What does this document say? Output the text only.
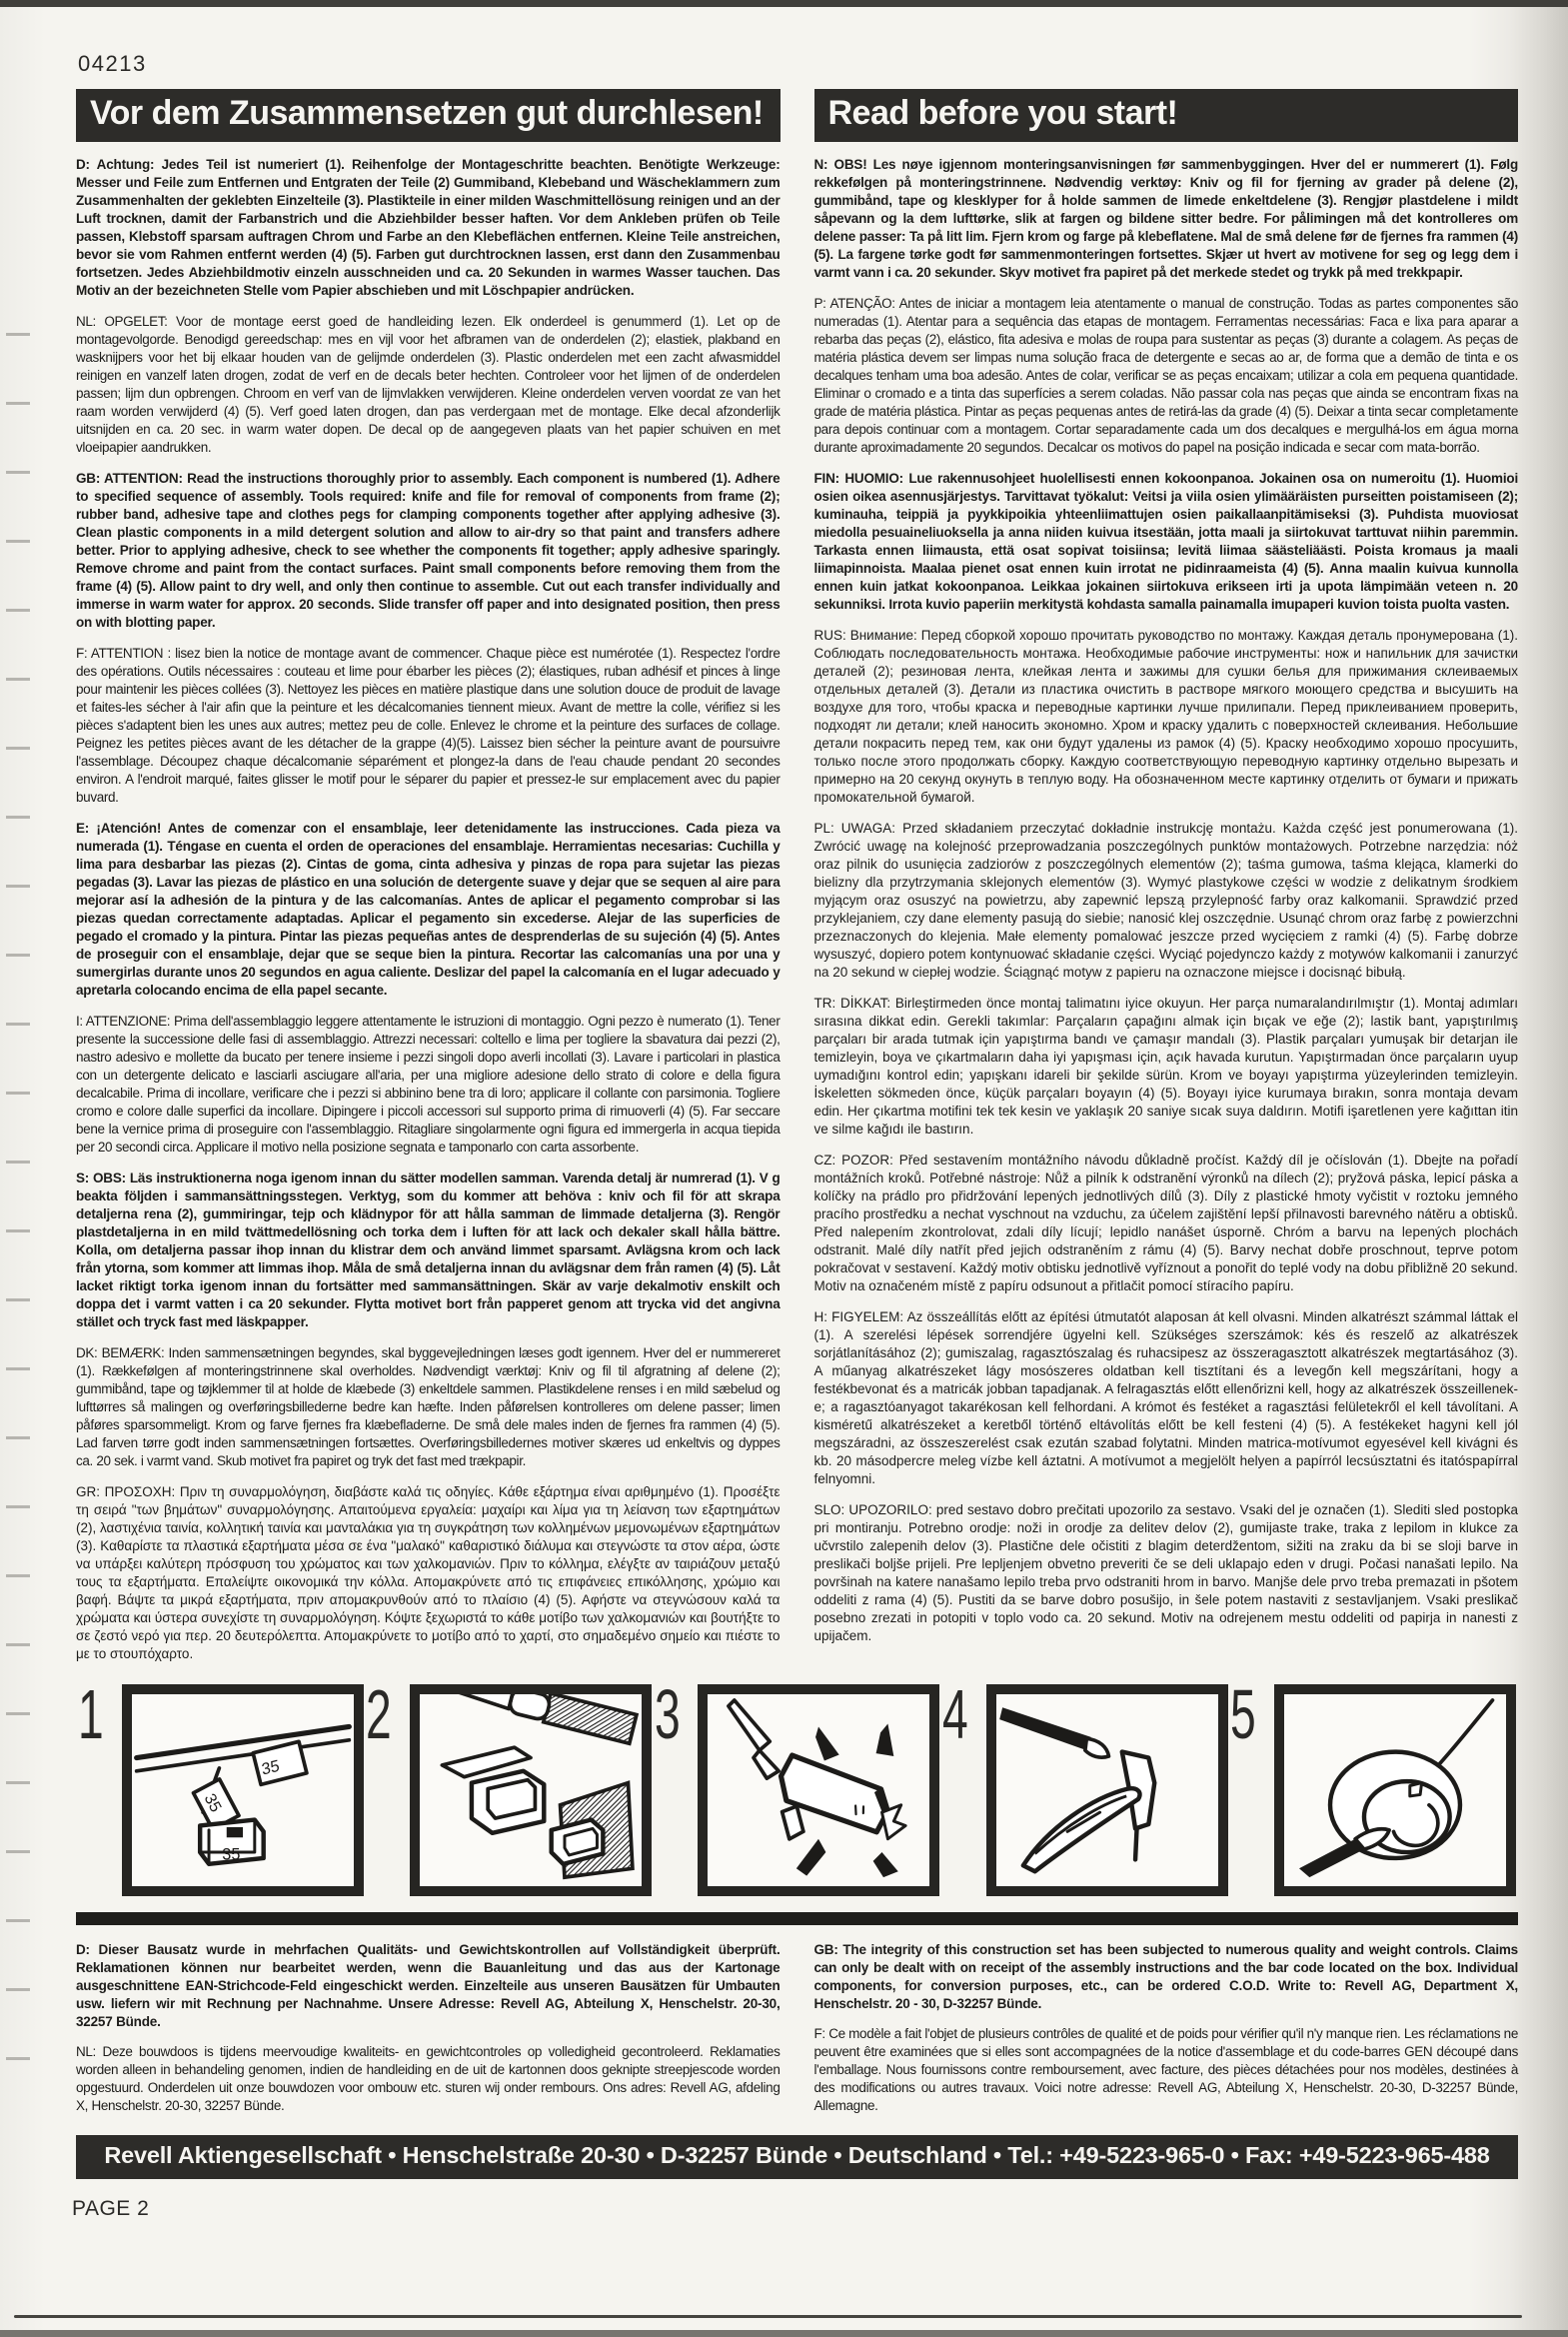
04213
Vor dem Zusammensetzen gut durchlesen!

D: Achtung: Jedes Teil ist numeriert (1). Reihenfolge der Montageschritte beachten. Benötigte Werkzeuge: Messer und Feile zum Entfernen und Entgraten der Teile (2) Gummiband, Klebeband und Wäscheklammern zum Zusammenhalten der geklebten Einzelteile (3). Plastikteile in einer milden Waschmittellösung reinigen und an der Luft trocknen, damit der Farbanstrich und die Abziehbilder besser haften. Vor dem Ankleben prüfen ob Teile passen, Klebstoff sparsam auftragen Chrom und Farbe an den Klebeflächen entfernen. Kleine Teile anstreichen, bevor sie vom Rahmen entfernt werden (4) (5). Farben gut durchtrocknen lassen, erst dann den Zusammenbau fortsetzen. Jedes Abziehbildmotiv einzeln ausschneiden und ca. 20 Sekunden in warmes Wasser tauchen. Das Motiv an der bezeichneten Stelle vom Papier abschieben und mit Löschpapier andrücken.

NL: OPGELET: Voor de montage eerst goed de handleiding lezen. Elk onderdeel is genummerd (1). Let op de montagevolgorde. Benodigd gereedschap: mes en vijl voor het afbramen van de onderdelen (2); elastiek, plakband en wasknijpers voor het bij elkaar houden van de gelijmde onderdelen (3). Plastic onderdelen met een zacht afwasmiddel reinigen en vanzelf laten drogen, zodat de verf en de decals beter hechten. Controleer voor het lijmen of de onderdelen passen; lijm dun opbrengen. Chroom en verf van de lijmvlakken verwijderen. Kleine onderdelen verven voordat ze van het raam worden verwijderd (4) (5). Verf goed laten drogen, dan pas verdergaan met de montage. Elke decal afzonderlijk uitsnijden en ca. 20 sec. in warm water dopen. De decal op de aangegeven plaats van het papier schuiven en met vloeipapier aandrukken.

GB: ATTENTION: Read the instructions thoroughly prior to assembly. Each component is numbered (1). Adhere to specified sequence of assembly. Tools required: knife and file for removal of components from frame (2); rubber band, adhesive tape and clothes pegs for clamping components together after applying adhesive (3). Clean plastic components in a mild detergent solution and allow to air-dry so that paint and transfers adhere better. Prior to applying adhesive, check to see whether the components fit together; apply adhesive sparingly. Remove chrome and paint from the contact surfaces. Paint small components before removing them from the frame (4) (5). Allow paint to dry well, and only then continue to assemble. Cut out each transfer individually and immerse in warm water for approx. 20 seconds. Slide transfer off paper and into designated position, then press on with blotting paper.

F: ATTENTION : lisez bien la notice de montage avant de commencer. Chaque pièce est numérotée (1). Respectez l'ordre des opérations. Outils nécessaires : couteau et lime pour ébarber les pièces (2); élastiques, ruban adhésif et pinces à linge pour maintenir les pièces collées (3). Nettoyez les pièces en matière plastique dans une solution douce de produit de lavage et faites-les sécher à l'air afin que la peinture et les décalcomanies tiennent mieux. Avant de mettre la colle, vérifiez si les pièces s'adaptent bien les unes aux autres; mettez peu de colle. Enlevez le chrome et la peinture des surfaces de collage. Peignez les petites pièces avant de les détacher de la grappe (4)(5). Laissez bien sécher la peinture avant de poursuivre l'assemblage. Découpez chaque décalcomanie séparément et plongez-la dans de l'eau chaude pendant 20 secondes environ. A l'endroit marqué, faites glisser le motif pour le séparer du papier et pressez-le sur emplacement avec du papier buvard.

E: ¡Atención! Antes de comenzar con el ensamblaje, leer detenidamente las instrucciones. Cada pieza va numerada (1). Téngase en cuenta el orden de operaciones del ensamblaje. Herramientas necesarias: Cuchilla y lima para desbarbar las piezas (2). Cintas de goma, cinta adhesiva y pinzas de ropa para sujetar las piezas pegadas (3). Lavar las piezas de plástico en una solución de detergente suave y dejar que se sequen al aire para mejorar así la adhesión de la pintura y de las calcomanías. Antes de aplicar el pegamento comprobar si las piezas quedan correctamente adaptadas. Aplicar el pegamento sin excederse. Alejar de las superficies de pegado el cromado y la pintura. Pintar las piezas pequeñas antes de desprenderlas de su sujeción (4) (5). Antes de proseguir con el ensamblaje, dejar que se seque bien la pintura. Recortar las calcomanías una por una y sumergirlas durante unos 20 segundos en agua caliente. Deslizar del papel la calcomanía en el lugar adecuado y apretarla colocando encima de ella papel secante.

I: ATTENZIONE: Prima dell'assemblaggio leggere attentamente le istruzioni di montaggio. Ogni pezzo è numerato (1). Tener presente la successione delle fasi di assemblaggio. Attrezzi necessari: coltello e lima per togliere la sbavatura dai pezzi (2), nastro adesivo e mollette da bucato per tenere insieme i pezzi singoli dopo averli incollati (3). Lavare i particolari in plastica con un detergente delicato e lasciarli asciugare all'aria, per una migliore adesione dello strato di colore e della figura decalcabile. Prima di incollare, verificare che i pezzi si abbinino bene tra di loro; applicare il collante con parsimonia. Togliere cromo e colore dalle superfici da incollare. Dipingere i piccoli accessori sul supporto prima di rimuoverli (4) (5). Far seccare bene la vernice prima di proseguire con l'assemblaggio. Ritagliare singolarmente ogni figura ed immergerla in acqua tiepida per 20 secondi circa. Applicare il motivo nella posizione segnata e tamponarlo con carta assorbente.

S: OBS: Läs instruktionerna noga igenom innan du sätter modellen samman. Varenda detalj är numrerad (1). V g beakta följden i sammansättningsstegen. Verktyg, som du kommer att behöva : kniv och fil för att skrapa detaljerna rena (2), gummiringar, tejp och klädnypor för att hålla samman de limmade detaljerna (3). Rengör plastdetaljerna in en mild tvättmedellösning och torka dem i luften för att lack och dekaler skall hålla bättre. Kolla, om detaljerna passar ihop innan du klistrar dem och använd limmet sparsamt. Avlägsna krom och lack från ytorna, som kommer att limmas ihop. Måla de små detaljerna innan du avlägsnar dem från ramen (4) (5). Låt lacket riktigt torka igenom innan du fortsätter med sammansättningen. Skär av varje dekalmotiv enskilt och doppa det i varmt vatten i ca 20 sekunder. Flytta motivet bort från papperet genom att trycka vid det angivna stället och tryck fast med läskpapper.

DK: BEMÆRK: Inden sammensætningen begyndes, skal byggevejledningen læses godt igennem. Hver del er nummereret (1). Rækkefølgen af monteringstrinnene skal overholdes. Nødvendigt værktøj: Kniv og fil til afgratning af delene (2); gummibånd, tape og tøjklemmer til at holde de klæbede (3) enkeltdele sammen. Plastikdelene renses i en mild sæbelud og lufttørres så malingen og overføringsbillederne bedre kan hæfte. Inden påførelsen kontrolleres om delene passer; limen påføres sparsommeligt. Krom og farve fjernes fra klæbefladerne. De små dele males inden de fjernes fra rammen (4) (5). Lad farven tørre godt inden sammensætningen fortsættes. Overføringsbilledernes motiver skæres ud enkeltvis og dyppes ca. 20 sek. i varmt vand. Skub motivet fra papiret og tryk det fast med trækpapir.

GR: ΠΡΟΣΟΧΗ: Πριν τη συναρμολόγηση, διαβάστε καλά τις οδηγίες. Κάθε εξάρτημα είναι αριθμημένο (1). Προσέξτε τη σειρά "των βημάτων" συναρμολόγησης. Απαιτούμενα εργαλεία: μαχαίρι και λίμα για τη λείανση των εξαρτημάτων (2), λαστιχένια ταινία, κολλητική ταινία και μανταλάκια για τη συγκράτηση των κολλημένων μεμονωμένων εξαρτημάτων (3). Καθαρίστε τα πλαστικά εξαρτήματα μέσα σε ένα "μαλακό" καθαριστικό διάλυμα και στεγνώστε τα στον αέρα, ώστε να υπάρξει καλύτερη πρόσφυση του χρώματος και των χαλκομανιών. Πριν το κόλλημα, ελέγξτε αν ταιριάζουν μεταξύ τους τα εξαρτήματα. Επαλείψτε οικονομικά την κόλλα. Απομακρύνετε από τις επιφάνειες επικόλλησης, χρώμιο και βαφή. Βάψτε τα μικρά εξαρτήματα, πριν απομακρυνθούν από το πλαίσιο (4) (5). Αφήστε να στεγνώσουν καλά τα χρώματα και ύστερα συνεχίστε τη συναρμολόγηση. Κόψτε ξεχωριστά το κάθε μοτίβο των χαλκομανιών και βουτήξτε το σε ζεστό νερό για περ. 20 δευτερόλεπτα. Απομακρύνετε το μοτίβο από το χαρτί, στο σημαδεμένο σημείο και πιέστε το με το στουπόχαρτο.

Read before you start!

N: OBS! Les nøye igjennom monteringsanvisningen før sammenbyggingen. Hver del er nummerert (1). Følg rekkefølgen på monteringstrinnene. Nødvendig verktøy: Kniv og fil for fjerning av grader på delene (2), gummibånd, tape og klesklyper for å holde sammen de limede enkeltdelene (3). Rengjør plastdelene i mildt såpevann og la dem lufttørke, slik at fargen og bildene sitter bedre. For pålimingen må det kontrolleres om delene passer: Ta på litt lim. Fjern krom og farge på klebeflatene. Mal de små delene før de fjernes fra rammen (4) (5). La fargene tørke godt før sammenmonteringen fortsettes. Skjær ut hvert av motivene for seg og legg dem i varmt vann i ca. 20 sekunder. Skyv motivet fra papiret på det merkede stedet og trykk på med trekkpapir.

P: ATENÇÃO: Antes de iniciar a montagem leia atentamente o manual de construção. Todas as partes componentes são numeradas (1). Atentar para a sequência das etapas de montagem. Ferramentas necessárias: Faca e lixa para aparar a rebarba das peças (2), elástico, fita adesiva e molas de roupa para sustentar as peças (3) durante a colagem. As peças de matéria plástica devem ser limpas numa solução fraca de detergente e secas ao ar, de forma que a demão de tinta e os decalques tenham uma boa adesão. Antes de colar, verificar se as peças encaixam; utilizar a cola em pequena quantidade. Eliminar o cromado e a tinta das superfícies a serem coladas. Não passar cola nas peças que ainda se encontram fixas na grade de matéria plástica. Pintar as peças pequenas antes de retirá-las da grade (4) (5). Deixar a tinta secar completamente para depois continuar com a montagem. Cortar separadamente cada um dos decalques e mergulhá-los em água morna durante aproximadamente 20 segundos. Decalcar os motivos do papel na posição indicada e secar com mata-borrão.

FIN: HUOMIO: Lue rakennusohjeet huolellisesti ennen kokoonpanoa. Jokainen osa on numeroitu (1). Huomioi osien oikea asennusjärjestys. Tarvittavat työkalut: Veitsi ja viila osien ylimääräisten purseitten poistamiseen (2); kuminauha, teippiä ja pyykkipoikia yhteenliimattujen osien paikallaanpitämiseksi (3). Puhdista muoviosat miedolla pesuaineliuoksella ja anna niiden kuivua itsestään, jotta maali ja siirtokuvat tarttuvat niihin paremmin. Tarkasta ennen liimausta, että osat sopivat toisiinsa; levitä liimaa säästeliäästi. Poista kromaus ja maali liimapinnoista. Maalaa pienet osat ennen kuin irrotat ne pidinraameista (4) (5). Anna maalin kuivua kunnolla ennen kuin jatkat kokoonpanoa. Leikkaa jokainen siirtokuva erikseen irti ja upota lämpimään veteen n. 20 sekunniksi. Irrota kuvio paperiin merkitystä kohdasta samalla painamalla imupaperi kuvion toista puolta vasten.

RUS: Внимание: Перед сборкой хорошо прочитать руководство по монтажу. Каждая деталь пронумерована (1). Соблюдать последовательность монтажа. Необходимые рабочие инструменты: нож и напильник для зачистки деталей (2); резиновая лента, клейкая лента и зажимы для сушки белья для прижимания склеиваемых отдельных деталей (3). Детали из пластика очистить в растворе мягкого моющего средства и высушить на воздухе для того, чтобы краска и переводные картинки лучше прилипали. Перед приклеиванием проверить, подходят ли детали; клей наносить экономно. Хром и краску удалить с поверхностей склеивания. Небольшие детали покрасить перед тем, как они будут удалены из рамок (4) (5). Краску необходимо хорошо просушить, только после этого продолжать сборку. Каждую соответствующую переводную картинку отдельно вырезать и примерно на 20 секунд окунуть в теплую воду. На обозначенном месте картинку отделить от бумаги и прижать промокательной бумагой.

PL: UWAGA: Przed składaniem przeczytać dokładnie instrukcję montażu. Każda część jest ponumerowana (1). Zwrócić uwagę na kolejność przeprowadzania poszczególnych punktów montażowych. Potrzebne narzędzia: nóż oraz pilnik do usunięcia zadziorów z poszczególnych elementów (2); taśma gumowa, taśma klejąca, klamerki do bielizny dla przytrzymania sklejonych elementów (3). Wymyć plastykowe części w wodzie z delikatnym środkiem myjącym oraz osuszyć na powietrzu, aby zapewnić lepszą przylepność farby oraz kalkomanii. Sprawdzić przed przyklejaniem, czy dane elementy pasują do siebie; nanosić klej oszczędnie. Usunąć chrom oraz farbę z powierzchni przeznaczonych do klejenia. Małe elementy pomalować jeszcze przed wycięciem z ramki (4) (5). Farbę dobrze wysuszyć, dopiero potem kontynuować składanie części. Wyciąć pojedynczo każdy z motywów kalkomanii i zanurzyć na 20 sekund w ciepłej wodzie. Ściągnąć motyw z papieru na oznaczone miejsce i docisnąć bibułą.

TR: DİKKAT: Birleştirmeden önce montaj talimatını iyice okuyun. Her parça numaralandırılmıştır (1). Montaj adımları sırasına dikkat edin. Gerekli takımlar: Parçaların çapağını almak için bıçak ve eğe (2); lastik bant, yapıştırılmış parçaları bir arada tutmak için yapıştırma bandı ve çamaşır mandalı (3). Plastik parçaları yumuşak bir detarjan ile temizleyin, boya ve çıkartmaların daha iyi yapışması için, açık havada kurutun. Yapıştırmadan önce parçaların uyup uymadığını kontrol edin; yapışkanı idareli bir şekilde sürün. Krom ve boyayı yapıştırma yüzeylerinden temizleyin. İskeletten sökmeden önce, küçük parçaları boyayın (4) (5). Boyayı iyice kurumaya bırakın, sonra montaja devam edin. Her çıkartma motifini tek tek kesin ve yaklaşık 20 saniye sıcak suya daldırın. Motifi işaretlenen yere kağıttan itin ve silme kağıdı ile bastırın.

CZ: POZOR: Před sestavením montážního návodu důkladně pročíst. Každý díl je očíslován (1). Dbejte na pořadí montážních kroků. Potřebné nástroje: Nůž a pilník k odstranění výronků na dílech (2); pryžová páska, lepicí páska a kolíčky na prádlo pro přidržování lepených jednotlivých dílů (3). Díly z plastické hmoty vyčistit v roztoku jemného pracího prostředku a nechat vyschnout na vzduchu, za účelem zajištění lepší přilnavosti barevného nátěru a obtisků. Před nalepením zkontrolovat, zdali díly lícují; lepidlo nanášet úsporně. Chróm a barvu na lepených plochách odstranit. Malé díly natřít před jejich odstraněním z rámu (4) (5). Barvy nechat dobře proschnout, teprve potom pokračovat v sestavení. Každý motiv obtisku jednotlivě vyříznout a ponořit do teplé vody na dobu přibližně 20 sekund. Motiv na označeném místě z papíru odsunout a přitlačit pomocí stíracího papíru.

H: FIGYELEM: Az összeállítás előtt az építési útmutatót alaposan át kell olvasni. Minden alkatrészt számmal láttak el (1). A szerelési lépések sorrendjére ügyelni kell. Szükséges szerszámok: kés és reszelő az alkatrészek sorjátlanításához (2); gumiszalag, ragasztószalag és ruhacsipesz az összeragasztott alkatrészek megtartásához (3). A műanyag alkatrészeket lágy mosószeres oldatban kell tisztítani és a levegőn kell megszárítani, hogy a festékbevonat és a matricák jobban tapadjanak. A felragasztás előtt ellenőrizni kell, hogy az alkatrészek összeillenek-e; a ragasztóanyagot takarékosan kell felhordani. A krómot és festéket a ragasztási felületekről el kell távolítani. A kisméretű alkatrészeket a keretből történő eltávolítás előtt be kell festeni (4) (5). A festékeket hagyni kell jól megszáradni, az összeszerelést csak ezután szabad folytatni. Minden matrica-motívumot egyesével kell kivágni és kb. 20 másodpercre meleg vízbe kell áztatni. A motívumot a megjelölt helyen a papírról lecsúsztatni és itatóspapírral felnyomni.

SLO: UPOZORILO: pred sestavo dobro prečitati upozorilo za sestavo. Vsaki del je označen (1). Slediti sled postopka pri montiranju. Potrebno orodje: noži in orodje za delitev delov (2), gumijaste trake, traka z lepilom in klukce za učvrstilo zalepenih delov (3). Plastične dele očistiti z blagim deterdžentom, sižiti na zraku da bi se sloji barve in preslikači boljše prijeli. Pre lepljenjem obvetno preveriti če se deli uklapajo eden v drugi. Počasi nanašati lepilo. Na površinah na katere nanašamo lepilo treba prvo odstraniti hrom in barvo. Manjše dele prvo treba premazati in pšotem oddeliti z rama (4) (5). Pustiti da se barve dobro posušijo, in šele potem nastaviti z sestavljanjem. Vsaki preslikač posebno zrezati in potopiti v toplo vodo ca. 20 sekund. Motiv na odrejenem mestu oddeliti od papirja in nanesti z upijačem.

1
35
35
35
2	3	4	5

D: Dieser Bausatz wurde in mehrfachen Qualitäts- und Gewichtskontrollen auf Vollständigkeit überprüft. Reklamationen können nur bearbeitet werden, wenn die Bauanleitung und das aus der Kartonage ausgeschnittene EAN-Strichcode-Feld eingeschickt werden. Einzelteile aus unseren Bausätzen für Umbauten usw. liefern wir mit Rechnung per Nachnahme. Unsere Adresse: Revell AG, Abteilung X, Henschelstr. 20-30, 32257 Bünde.

NL: Deze bouwdoos is tijdens meervoudige kwaliteits- en gewichtcontroles op volledigheid gecontroleerd. Reklamaties worden alleen in behandeling genomen, indien de handleiding en de uit de kartonnen doos geknipte streepjescode worden opgestuurd. Onderdelen uit onze bouwdozen voor ombouw etc. sturen wij onder rembours. Ons adres: Revell AG, afdeling X, Henschelstr. 20-30, 32257 Bünde.

GB: The integrity of this construction set has been subjected to numerous quality and weight controls. Claims can only be dealt with on receipt of the assembly instructions and the bar code located on the box. Individual components, for conversion purposes, etc., can be ordered C.O.D. Write to: Revell AG, Department X, Henschelstr. 20 - 30, D-32257 Bünde.

F: Ce modèle a fait l'objet de plusieurs contrôles de qualité et de poids pour vérifier qu'il n'y manque rien. Les réclamations ne peuvent être examinées que si elles sont accompagnées de la notice d'assemblage et du code-barres GEN découpé dans l'emballage. Nous fournissons contre remboursement, avec facture, des pièces détachées pour nos modèles, destinées à des modifications ou autres travaux. Voici notre adresse: Revell AG, Abteilung X, Henschelstr. 20-30, D-32257 Bünde, Allemagne.

Revell Aktiengesellschaft • Henschelstraße 20-30 • D-32257 Bünde • Deutschland • Tel.: +49-5223-965-0 • Fax: +49-5223-965-488
PAGE 2
